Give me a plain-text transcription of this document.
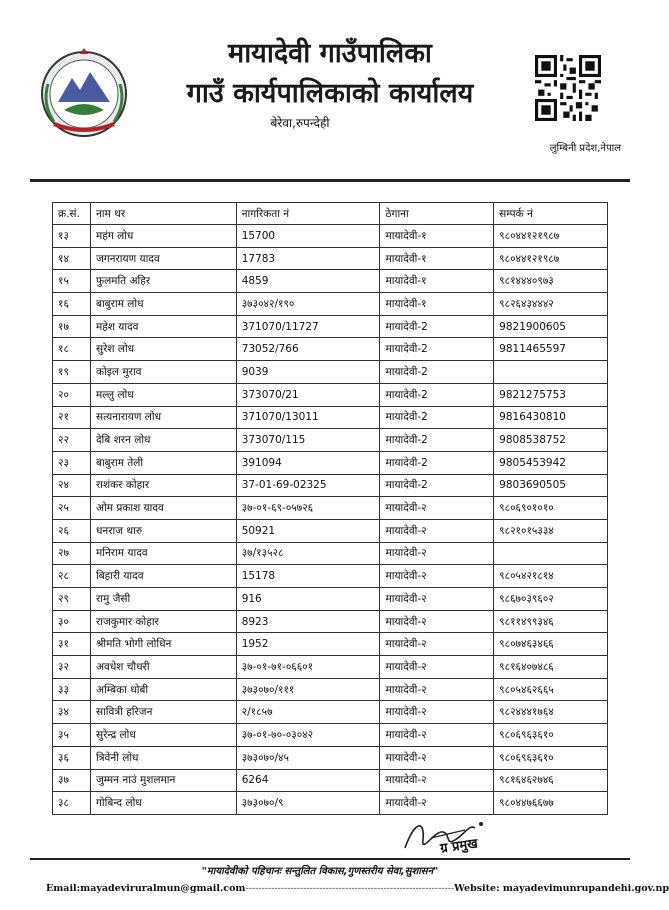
मायादेवी गाउँपालिका
गाउँ कार्यपालिकाको कार्यालय
बेरेवा,रुपन्देही
लुम्बिनी प्रदेश,नेपाल
क्र.सं.	नाम थर	नागरिकता नं	ठेगाना	सम्पर्क नं
१३	महंग लोध	15700	मायादेवी-१	९८०४४१२१९८७
१४	जगनरायण यादव	17783	मायादेवी-१	९८०४४१२१९८७
१५	फुलमति अहिर	4859	मायादेवी-१	९८१४४४०९७३
१६	बाबुराम लोध	३७३०४२/१९०	मायादेवी-१	९८२६४३४४४२
१७	महेश यादव	371070/11727	मायादेवी-2	9821900605
१८	सुरेश लोध	73052/766	मायादेवी-2	9811465597
१९	कोइल मुराव	9039	मायादेवी-2	
२०	मल्लु लोध	373070/21	मायादेवी-2	9821275753
२१	सत्यनारायण लोध	371070/13011	मायादेवी-2	9816430810
२२	देबि शरन लोध	373070/115	मायादेवी-2	9808538752
२३	बाबुराम तेली	391094	मायादेवी-2	9805453942
२४	राशंकर कोहार	37-01-69-02325	मायादेवी-2	9803690505
२५	ओम प्रकाश यादव	३७-०१-६९-०५७२६	मायादेवी-२	९८०६९०१०१०
२६	धनराज थारु	50921	मायादेवी-२	९८२१०१५३३४
२७	मनिराम यादव	३७/१३५२८	मायादेवी-२	
२८	बिहारी यादव	15178	मायादेवी-२	९८०५४२१८१४
२९	रामु जैसी	916	मायादेवी-२	९८६७०३९६०२
३०	राजकुमार कोहार	8923	मायादेवी-२	९८११४९९३४६
३१	श्रीमति भोगी लोधिन	1952	मायादेवी-२	९८०७४६३४६६
३२	अवधेश चौधरी	३७-०१-७१-०६६०१	मायादेवी-२	९८१६४०७४८६
३३	अम्बिका धोबी	३७३०७०/१११	मायादेवी-२	९८०५४६२६६५
३४	सावित्री हरिजन	२/१८५७	मायादेवी-२	९८२४४४१७६४
३५	सुरेन्द्र लोध	३७-०१-७०-०३०४२	मायादेवी-२	९८०६९६३६१०
३६	त्रिवेनी लोध	३७३०७०/४५	मायादेवी-२	९८०६९६३६१०
३७	जुम्मन नाउं मुशलमान	6264	मायादेवी-२	९८१६४६२७४६
३८	गोबिन्द लोध	३७३०७०/९	मायादेवी-२	९८०४४७६६७७
ग्र प्रमुख
"मायादेवीको पहिचानः सन्तुलित विकास,गुणस्तरीय सेवा,सुशासन"
Email:mayadeviruralmun@gmail.com-----------------------------------------------------------------Website: mayadevimunrupandehi.gov.np
